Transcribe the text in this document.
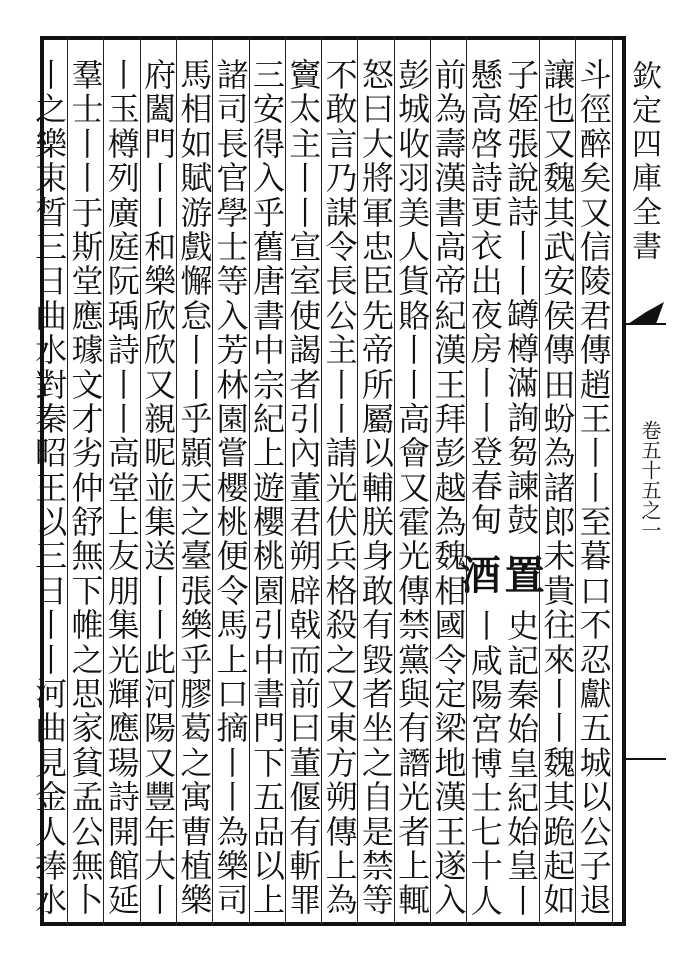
欽定四庫全書
卷五十五之一
斗
徑
醉
矣
又
信
陵
君
傳
趙
王
丨
丨
至
暮
口
不
忍
獻
五
城
以
公
子
退
讓
也
又
魏
其
武
安
侯
傳
田
蚡
為
諸
郎
未
貴
往
來
丨
丨
魏
其
跪
起
如
子
姪
張
說
詩
丨
丨
罇
樽
滿
詢
芻
諫
鼓
置酒
史
記
秦
始
皇
紀
始
皇
丨
懸
高
啓
詩
更
衣
出
夜
房
丨
丨
登
春
甸
丨
咸
陽
宮
博
士
七
十
人
前
為
壽
漢
書
高
帝
紀
漢
王
拜
彭
越
為
魏
相
國
令
定
梁
地
漢
王
遂
入
彭
城
收
羽
美
人
貨
賂
丨
丨
高
會
又
霍
光
傳
禁
黨
與
有
譖
光
者
上
輒
怒
曰
大
將
軍
忠
臣
先
帝
所
屬
以
輔
朕
身
敢
有
毀
者
坐
之
自
是
禁
等
不
敢
言
乃
謀
令
長
公
主
丨
丨
請
光
伏
兵
格
殺
之
又
東
方
朔
傳
上
為
竇
太
主
丨
丨
宣
室
使
謁
者
引
內
董
君
朔
辟
戟
而
前
曰
董
偃
有
斬
罪
三
安
得
入
乎
舊
唐
書
中
宗
紀
上
遊
櫻
桃
園
引
中
書
門
下
五
品
以
上
諸
司
長
官
學
士
等
入
芳
林
園
嘗
櫻
桃
便
令
馬
上
口
摘
丨
丨
為
樂
司
馬
相
如
賦
游
戲
懈
怠
丨
丨
乎
顥
天
之
臺
張
樂
乎
膠
葛
之
寓
曹
植
樂
府
闔
門
丨
丨
和
樂
欣
欣
又
親
昵
並
集
送
丨
丨
此
河
陽
又
豐
年
大
丨
丨
玉
樽
列
廣
庭
阮
瑀
詩
丨
丨
高
堂
上
友
朋
集
光
輝
應
瑒
詩
開
館
延
羣
士
丨
丨
于
斯
堂
應
璩
文
才
劣
仲
舒
無
下
帷
之
思
家
貧
孟
公
無
卜
丨
之
樂
束
晳
三
日
曲
水
對
秦
昭
王
以
三
日
丨
丨
河
曲
見
金
人
捧
水
